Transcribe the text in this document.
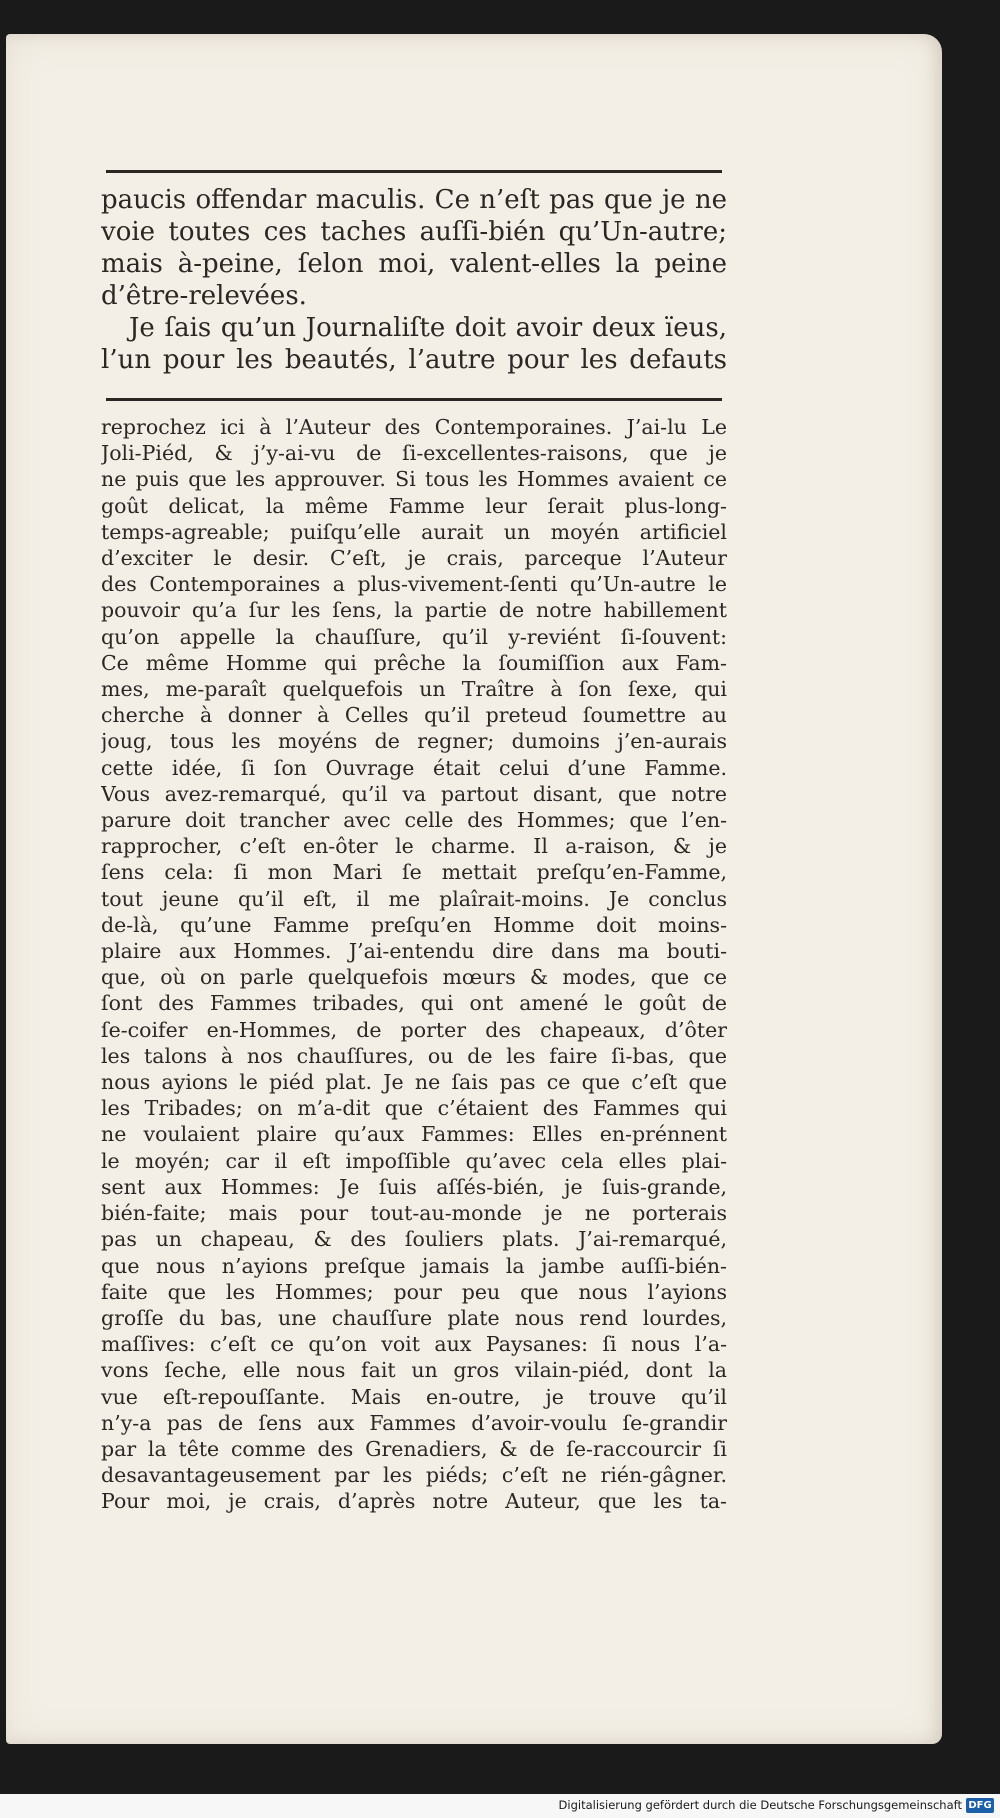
paucis offendar maculis. Ce n’eſt pas que je ne
voie toutes ces taches auſſi-bién qu’Un-autre;
mais à-peine, ſelon moi, valent-elles la peine
d’être-relevées.
Je ſais qu’un Journaliſte doit avoir deux ïeus,
l’un pour les beautés, l’autre pour les defauts
reprochez ici à l’Auteur des Contemporaines. J’ai-lu Le
Joli-Piéd, & j’y-ai-vu de ſi-excellentes-raisons, que je
ne puis que les approuver. Si tous les Hommes avaient ce
goût delicat, la même Famme leur ſerait plus-long-
temps-agreable; puiſqu’elle aurait un moyén artificiel
d’exciter le desir. C’eſt, je crais, parceque l’Auteur
des Contemporaines a plus-vivement-ſenti qu’Un-autre le
pouvoir qu’a ſur les ſens, la partie de notre habillement
qu’on appelle la chauſſure, qu’il y-reviént ſi-ſouvent:
Ce même Homme qui prêche la ſoumiſſion aux Fam-
mes, me-paraît quelquefois un Traître à ſon ſexe, qui
cherche à donner à Celles qu’il preteud ſoumettre au
joug, tous les moyéns de regner; dumoins j’en-aurais
cette idée, ſi ſon Ouvrage était celui d’une Famme.
Vous avez-remarqué, qu’il va partout disant, que notre
parure doit trancher avec celle des Hommes; que l’en-
rapprocher, c’eſt en-ôter le charme. Il a-raison, & je
ſens cela: ſi mon Mari ſe mettait preſqu’en-Famme,
tout jeune qu’il eſt, il me plaîrait-moins. Je conclus
de-là, qu’une Famme preſqu’en Homme doit moins-
plaire aux Hommes. J’ai-entendu dire dans ma bouti-
que, où on parle quelquefois mœurs & modes, que ce
ſont des Fammes tribades, qui ont amené le goût de
ſe-coifer en-Hommes, de porter des chapeaux, d’ôter
les talons à nos chauſſures, ou de les faire ſi-bas, que
nous ayions le piéd plat. Je ne ſais pas ce que c’eſt que
les Tribades; on m’a-dit que c’étaient des Fammes qui
ne voulaient plaire qu’aux Fammes: Elles en-prénnent
le moyén; car il eſt impoſſible qu’avec cela elles plai-
sent aux Hommes: Je ſuis aſſés-bién, je ſuis-grande,
bién-faite; mais pour tout-au-monde je ne porterais
pas un chapeau, & des ſouliers plats. J’ai-remarqué,
que nous n’ayions preſque jamais la jambe auſſi-bién-
faite que les Hommes; pour peu que nous l’ayions
groſſe du bas, une chauſſure plate nous rend lourdes,
maſſives: c’eſt ce qu’on voit aux Paysanes: ſi nous l’a-
vons ſeche, elle nous fait un gros vilain-piéd, dont la
vue eſt-repouſſante. Mais en-outre, je trouve qu’il
n’y-a pas de ſens aux Fammes d’avoir-voulu ſe-grandir
par la tête comme des Grenadiers, & de ſe-raccourcir ſi
desavantageusement par les piéds; c’eſt ne rién-gâgner.
Pour moi, je crais, d’après notre Auteur, que les ta-
Digitalisierung gefördert durch die Deutsche Forschungsgemeinschaft DFG
